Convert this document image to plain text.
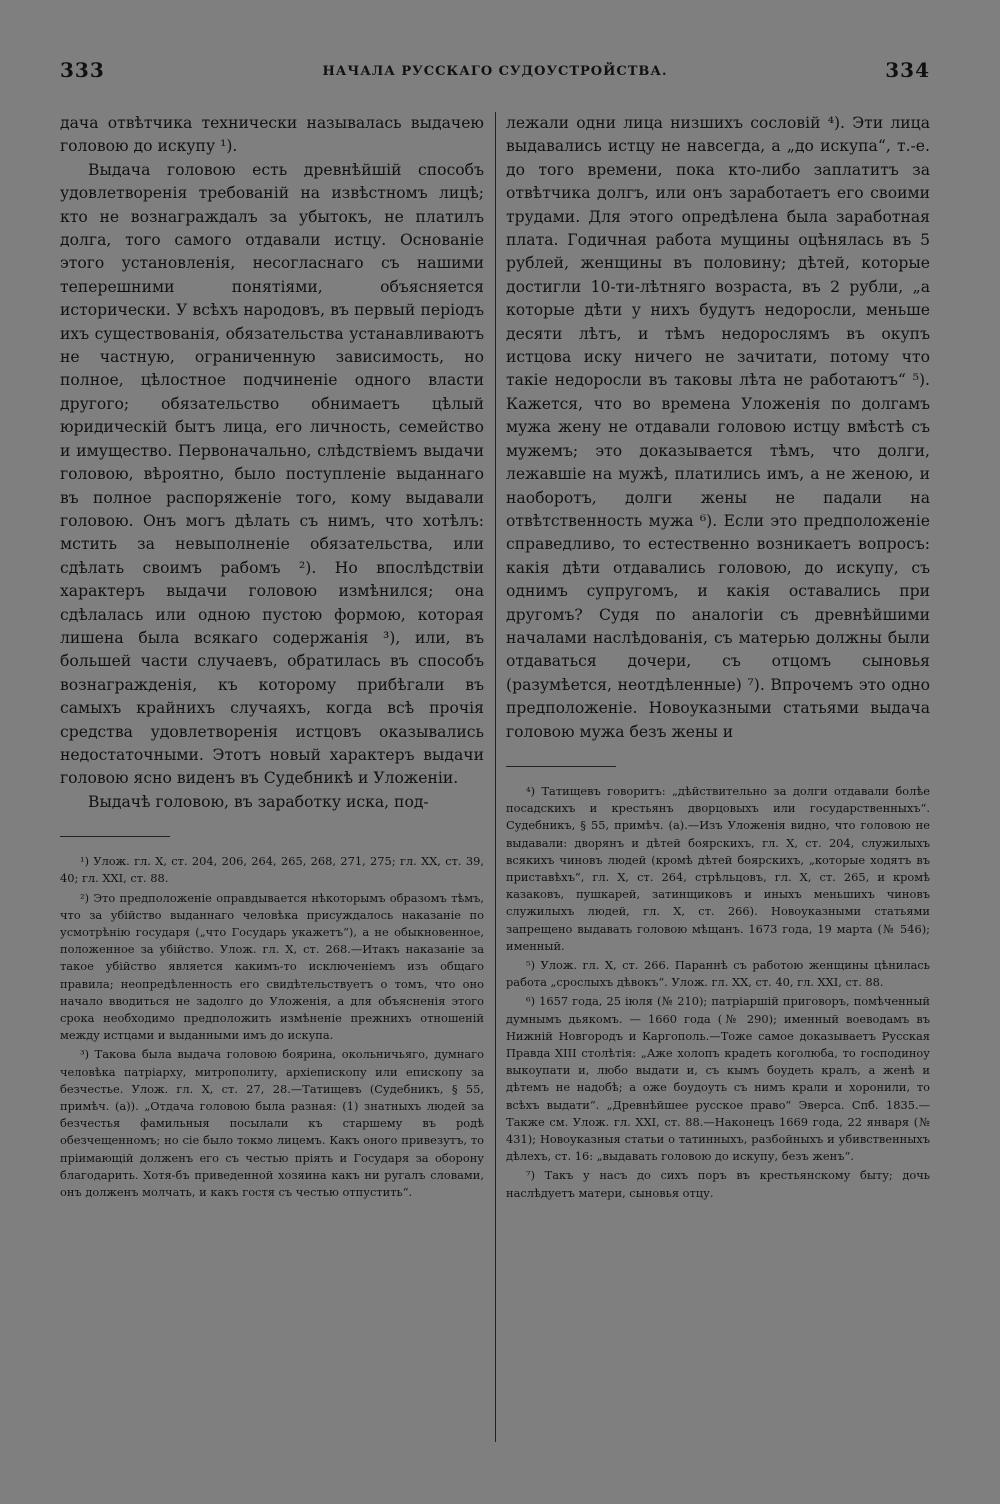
333	НАЧАЛА РУССКАГО СУДОУСТРОЙСТВА.	334

дача отвѣтчика технически называлась выдачею головою до искупу ¹).

Выдача головою есть древнѣйшій способъ удовлетворенія требованій на извѣстномъ лицѣ; кто не вознаграждалъ за убытокъ, не платилъ долга, того самого отдавали истцу. Основаніе этого установленія, несогласнаго съ нашими теперешними понятіями, объясняется исторически. У всѣхъ народовъ, въ первый періодъ ихъ существованія, обязательства устанавливаютъ не частную, ограниченную зависимость, но полное, цѣлостное подчиненіе одного власти другого; обязательство обнимаетъ цѣлый юридическій бытъ лица, его личность, семейство и имущество. Первоначально, слѣдствіемъ выдачи головою, вѣроятно, было поступленіе выданнаго въ полное распоряженіе того, кому выдавали головою. Онъ могъ дѣлать съ нимъ, что хотѣлъ: мстить за невыполненіе обязательства, или сдѣлать своимъ рабомъ ²). Но впослѣдствіи характеръ выдачи головою измѣнился; она сдѣлалась или одною пустою формою, которая лишена была всякаго содержанія ³), или, въ большей части случаевъ, обратилась въ способъ вознагражденія, къ которому прибѣгали въ самыхъ крайнихъ случаяхъ, когда всѣ прочія средства удовлетворенія истцовъ оказывались недостаточными. Этотъ новый характеръ выдачи головою ясно виденъ въ Судебникѣ и Уложеніи.

Выдачѣ головою, въ заработку иска, под-

¹) Улож. гл. X, ст. 204, 206, 264, 265, 268, 271, 275; гл. XX, ст. 39, 40; гл. XXI, ст. 88.

²) Это предположеніе оправдывается нѣкоторымъ образомъ тѣмъ, что за убійство выданнаго человѣка присуждалось наказаніе по усмотрѣнію государя („что Государь укажетъ“), а не обыкновенное, положенное за убійство. Улож. гл. X, ст. 268.—Итакъ наказаніе за такое убійство является какимъ-то исключеніемъ изъ общаго правила; неопредѣленность его свидѣтельствуетъ о томъ, что оно начало вводиться не задолго до Уложенія, а для объясненія этого срока необходимо предположить измѣненіе прежнихъ отношеній между истцами и выданными имъ до искупа.

³) Такова была выдача головою боярина, окольничьяго, думнаго человѣка патріарху, митрополиту, архіепископу или епископу за безчестье. Улож. гл. X, ст. 27, 28.—Татищевъ (Судебникъ, § 55, примѣч. (а)). „Отдача головою была разная: (1) знатныхъ людей за безчестья фамильныя посылали къ старшему въ родѣ обезчещенномъ; но сіе было токмо лицемъ. Какъ оного привезутъ, то пріимающій долженъ его съ честью пріять и Государя за оборону благодарить. Хотя-бъ приведенной хозяина какъ ни ругалъ словами, онъ долженъ молчать, и какъ гостя съ честью отпустить“.

лежали одни лица низшихъ сословій ⁴). Эти лица выдавались истцу не навсегда, а „до искупа“, т.-е. до того времени, пока кто-либо заплатитъ за отвѣтчика долгъ, или онъ заработаетъ его своими трудами. Для этого опредѣлена была заработная плата. Годичная работа мущины оцѣнялась въ 5 рублей, женщины въ половину; дѣтей, которые достигли 10-ти-лѣтняго возраста, въ 2 рубли, „а которые дѣти у нихъ будутъ недоросли, меньше десяти лѣтъ, и тѣмъ недорослямъ въ окупъ истцова иску ничего не зачитати, потому что такіе недоросли въ таковы лѣта не работаютъ“ ⁵). Кажется, что во времена Уложенія по долгамъ мужа жену не отдавали головою истцу вмѣстѣ съ мужемъ; это доказывается тѣмъ, что долги, лежавшіе на мужѣ, платились имъ, а не женою, и наоборотъ, долги жены не падали на отвѣтственность мужа ⁶). Если это предположеніе справедливо, то естественно возникаетъ вопросъ: какія дѣти отдавались головою, до искупу, съ однимъ супругомъ, и какія оставались при другомъ? Судя по аналогіи съ древнѣйшими началами наслѣдованія, съ матерью должны были отдаваться дочери, съ отцомъ сыновья (разумѣется, неотдѣленные) ⁷). Впрочемъ это одно предположеніе. Новоуказными статьями выдача головою мужа безъ жены и

⁴) Татищевъ говоритъ: „дѣйствительно за долги отдавали болѣе посадскихъ и крестьянъ дворцовыхъ или государственныхъ“. Судебникъ, § 55, примѣч. (а).—Изъ Уложенія видно, что головою не выдавали: дворянъ и дѣтей боярскихъ, гл. X, ст. 204, служилыхъ всякихъ чиновъ людей (кромѣ дѣтей боярскихъ, „которые ходятъ въ приставѣхъ“, гл. X, ст. 264, стрѣльцовъ, гл. X, ст. 265, и кромѣ казаковъ, пушкарей, затинщиковъ и иныхъ меньшихъ чиновъ служилыхъ людей, гл. X, ст. 266). Новоуказными статьями запрещено выдавать головою мѣщанъ. 1673 года, 19 марта (№ 546); именный.

⁵) Улож. гл. X, ст. 266. Параннѣ съ работою женщины цѣнилась работа „срослыхъ дѣвокъ“. Улож. гл. XX, ст. 40, гл. XXI, ст. 88.

⁶) 1657 года, 25 іюля (№ 210); патріаршій приговоръ, помѣченный думнымъ дьякомъ. — 1660 года (№ 290); именный воеводамъ въ Нижній Новгородъ и Каргополь.—Тоже самое доказываетъ Русская Правда XIII столѣтія: „Аже холопъ крадеть коголюба, то господиноу выкоупати и, любо выдати и, съ кымъ боудеть кралъ, а женѣ и дѣтемъ не надобѣ; а оже боудоуть съ нимъ крали и хоронили, то всѣхъ выдати“. „Древнѣйшее русское право“ Эверса. Спб. 1835.—Также см. Улож. гл. XXI, ст. 88.—Наконецъ 1669 года, 22 января (№ 431); Новоуказныя статьи о татинныхъ, разбойныхъ и убивственныхъ дѣлехъ, ст. 16: „выдавать головою до искупу, безъ женъ“.

⁷) Такъ у насъ до сихъ поръ въ крестьянскому быту; дочь наслѣдуетъ матери, сыновья отцу.
